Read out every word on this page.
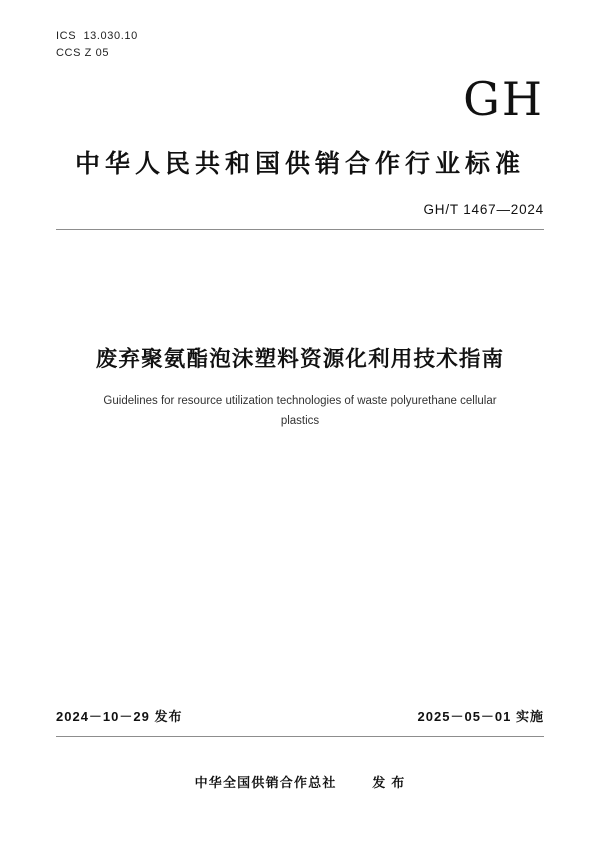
ICS  13.030.10
CCS Z 05
GH
中华人民共和国供销合作行业标准
GH/T 1467—2024
废弃聚氨酯泡沫塑料资源化利用技术指南
Guidelines for resource utilization technologies of waste polyurethane cellular plastics
2024－10－29 发布	2025－05－01 实施
中华全国供销合作总社	发 布
